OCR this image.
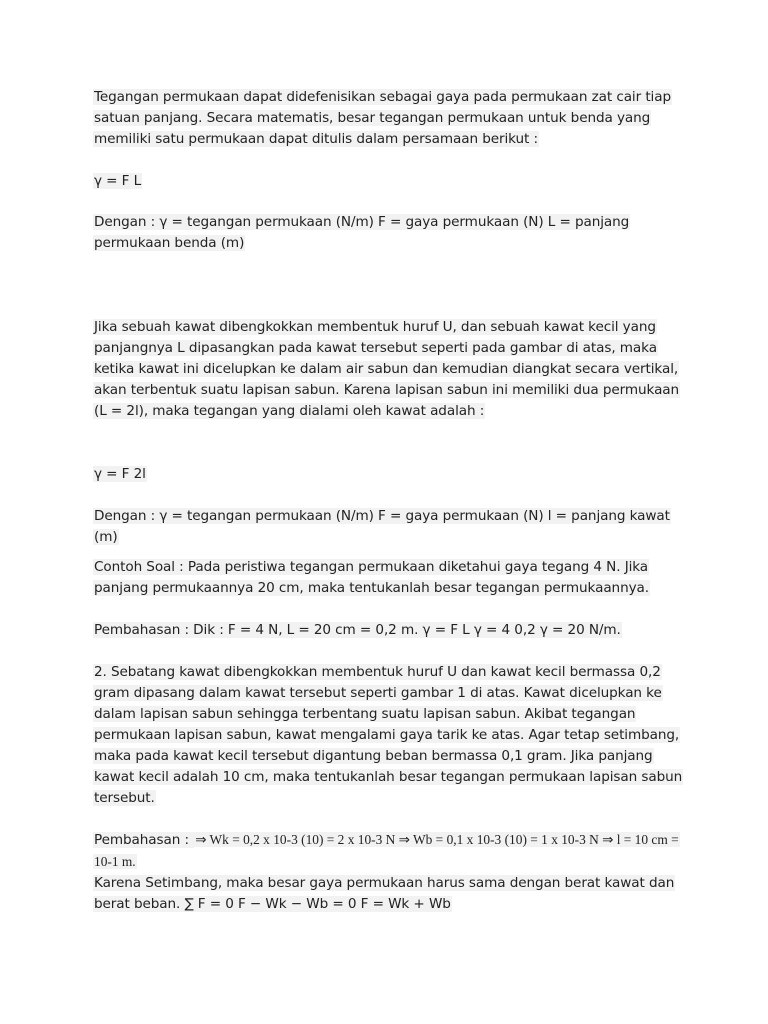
Tegangan permukaan dapat didefenisikan sebagai gaya pada permukaan zat cair tiap satuan panjang. Secara matematis, besar tegangan permukaan untuk benda yang memiliki satu permukaan dapat ditulis dalam persamaan berikut :

γ = F L

Dengan : γ = tegangan permukaan (N/m) F = gaya permukaan (N) L = panjang permukaan benda (m)

Jika sebuah kawat dibengkokkan membentuk huruf U, dan sebuah kawat kecil yang panjangnya L dipasangkan pada kawat tersebut seperti pada gambar di atas, maka ketika kawat ini dicelupkan ke dalam air sabun dan kemudian diangkat secara vertikal, akan terbentuk suatu lapisan sabun. Karena lapisan sabun ini memiliki dua permukaan (L = 2l), maka tegangan yang dialami oleh kawat adalah :

γ = F 2l

Dengan : γ = tegangan permukaan (N/m) F = gaya permukaan (N) l = panjang kawat (m)

Contoh Soal : Pada peristiwa tegangan permukaan diketahui gaya tegang 4 N. Jika panjang permukaannya 20 cm, maka tentukanlah besar tegangan permukaannya.

Pembahasan : Dik : F = 4 N, L = 20 cm = 0,2 m. γ = F L γ = 4 0,2 γ = 20 N/m.

2. Sebatang kawat dibengkokkan membentuk huruf U dan kawat kecil bermassa 0,2 gram dipasang dalam kawat tersebut seperti gambar 1 di atas. Kawat dicelupkan ke dalam lapisan sabun sehingga terbentang suatu lapisan sabun. Akibat tegangan permukaan lapisan sabun, kawat mengalami gaya tarik ke atas. Agar tetap setimbang, maka pada kawat kecil tersebut digantung beban bermassa 0,1 gram. Jika panjang kawat kecil adalah 10 cm, maka tentukanlah besar tegangan permukaan lapisan sabun tersebut.

Pembahasan : ⇒ Wk = 0,2 x 10-3 (10) = 2 x 10-3 N ⇒ Wb = 0,1 x 10-3 (10) = 1 x 10-3 N ⇒ l = 10 cm = 10-1 m.
Karena Setimbang, maka besar gaya permukaan harus sama dengan berat kawat dan berat beban. ∑ F = 0 F − Wk − Wb = 0 F = Wk + Wb
